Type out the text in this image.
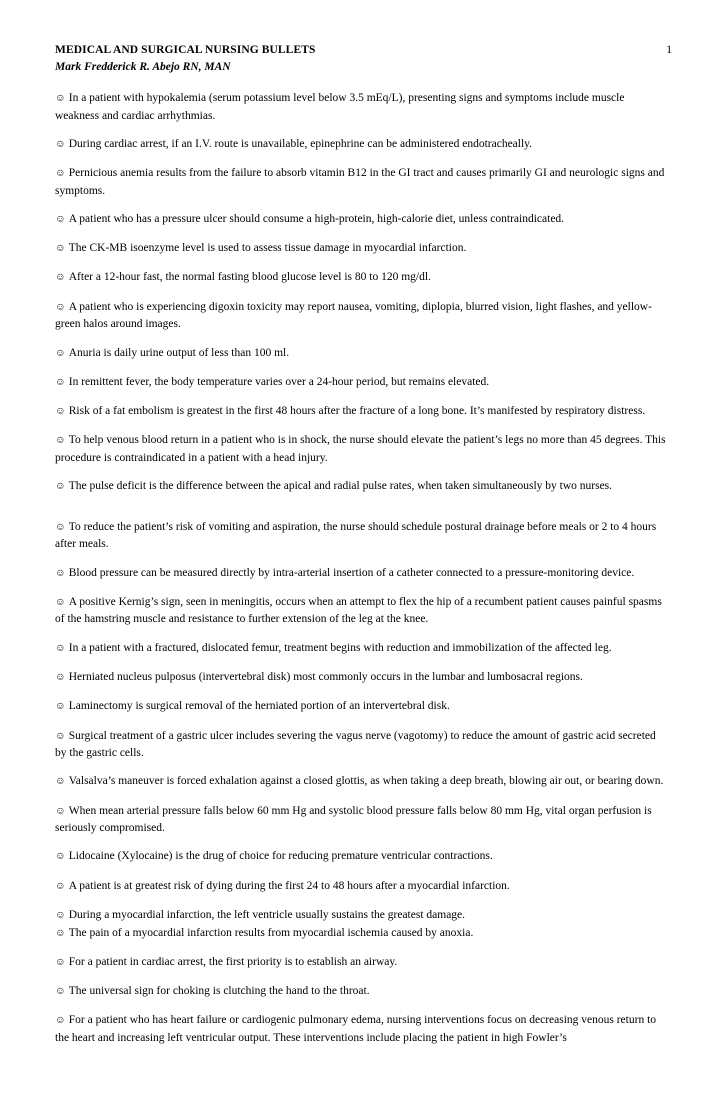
MEDICAL AND SURGICAL NURSING BULLETS	1
Mark Fredderick R. Abejo RN, MAN
☺ In a patient with hypokalemia (serum potassium level below 3.5 mEq/L), presenting signs and symptoms include muscle weakness and cardiac arrhythmias.
☺ During cardiac arrest, if an I.V. route is unavailable, epinephrine can be administered endotracheally.
☺ Pernicious anemia results from the failure to absorb vitamin B12 in the GI tract and causes primarily GI and neurologic signs and symptoms.
☺ A patient who has a pressure ulcer should consume a high-protein, high-calorie diet, unless contraindicated.
☺ The CK-MB isoenzyme level is used to assess tissue damage in myocardial infarction.
☺ After a 12-hour fast, the normal fasting blood glucose level is 80 to 120 mg/dl.
☺ A patient who is experiencing digoxin toxicity may report nausea, vomiting, diplopia, blurred vision, light flashes, and yellow-green halos around images.
☺ Anuria is daily urine output of less than 100 ml.
☺ In remittent fever, the body temperature varies over a 24-hour period, but remains elevated.
☺ Risk of a fat embolism is greatest in the first 48 hours after the fracture of a long bone. It’s manifested by respiratory distress.
☺ To help venous blood return in a patient who is in shock, the nurse should elevate the patient’s legs no more than 45 degrees. This procedure is contraindicated in a patient with a head injury.
☺ The pulse deficit is the difference between the apical and radial pulse rates, when taken simultaneously by two nurses.
☺ To reduce the patient’s risk of vomiting and aspiration, the nurse should schedule postural drainage before meals or 2 to 4 hours after meals.
☺ Blood pressure can be measured directly by intra-arterial insertion of a catheter connected to a pressure-monitoring device.
☺ A positive Kernig’s sign, seen in meningitis, occurs when an attempt to flex the hip of a recumbent patient causes painful spasms of the hamstring muscle and resistance to further extension of the leg at the knee.
☺ In a patient with a fractured, dislocated femur, treatment begins with reduction and immobilization of the affected leg.
☺ Herniated nucleus pulposus (intervertebral disk) most commonly occurs in the lumbar and lumbosacral regions.
☺ Laminectomy is surgical removal of the herniated portion of an intervertebral disk.
☺ Surgical treatment of a gastric ulcer includes severing the vagus nerve (vagotomy) to reduce the amount of gastric acid secreted by the gastric cells.
☺ Valsalva’s maneuver is forced exhalation against a closed glottis, as when taking a deep breath, blowing air out, or bearing down.
☺ When mean arterial pressure falls below 60 mm Hg and systolic blood pressure falls below 80 mm Hg, vital organ perfusion is seriously compromised.
☺ Lidocaine (Xylocaine) is the drug of choice for reducing premature ventricular contractions.
☺ A patient is at greatest risk of dying during the first 24 to 48 hours after a myocardial infarction.
☺ During a myocardial infarction, the left ventricle usually sustains the greatest damage.
☺ The pain of a myocardial infarction results from myocardial ischemia caused by anoxia.
☺ For a patient in cardiac arrest, the first priority is to establish an airway.
☺ The universal sign for choking is clutching the hand to the throat.
☺ For a patient who has heart failure or cardiogenic pulmonary edema, nursing interventions focus on decreasing venous return to the heart and increasing left ventricular output. These interventions include placing the patient in high Fowler’s
